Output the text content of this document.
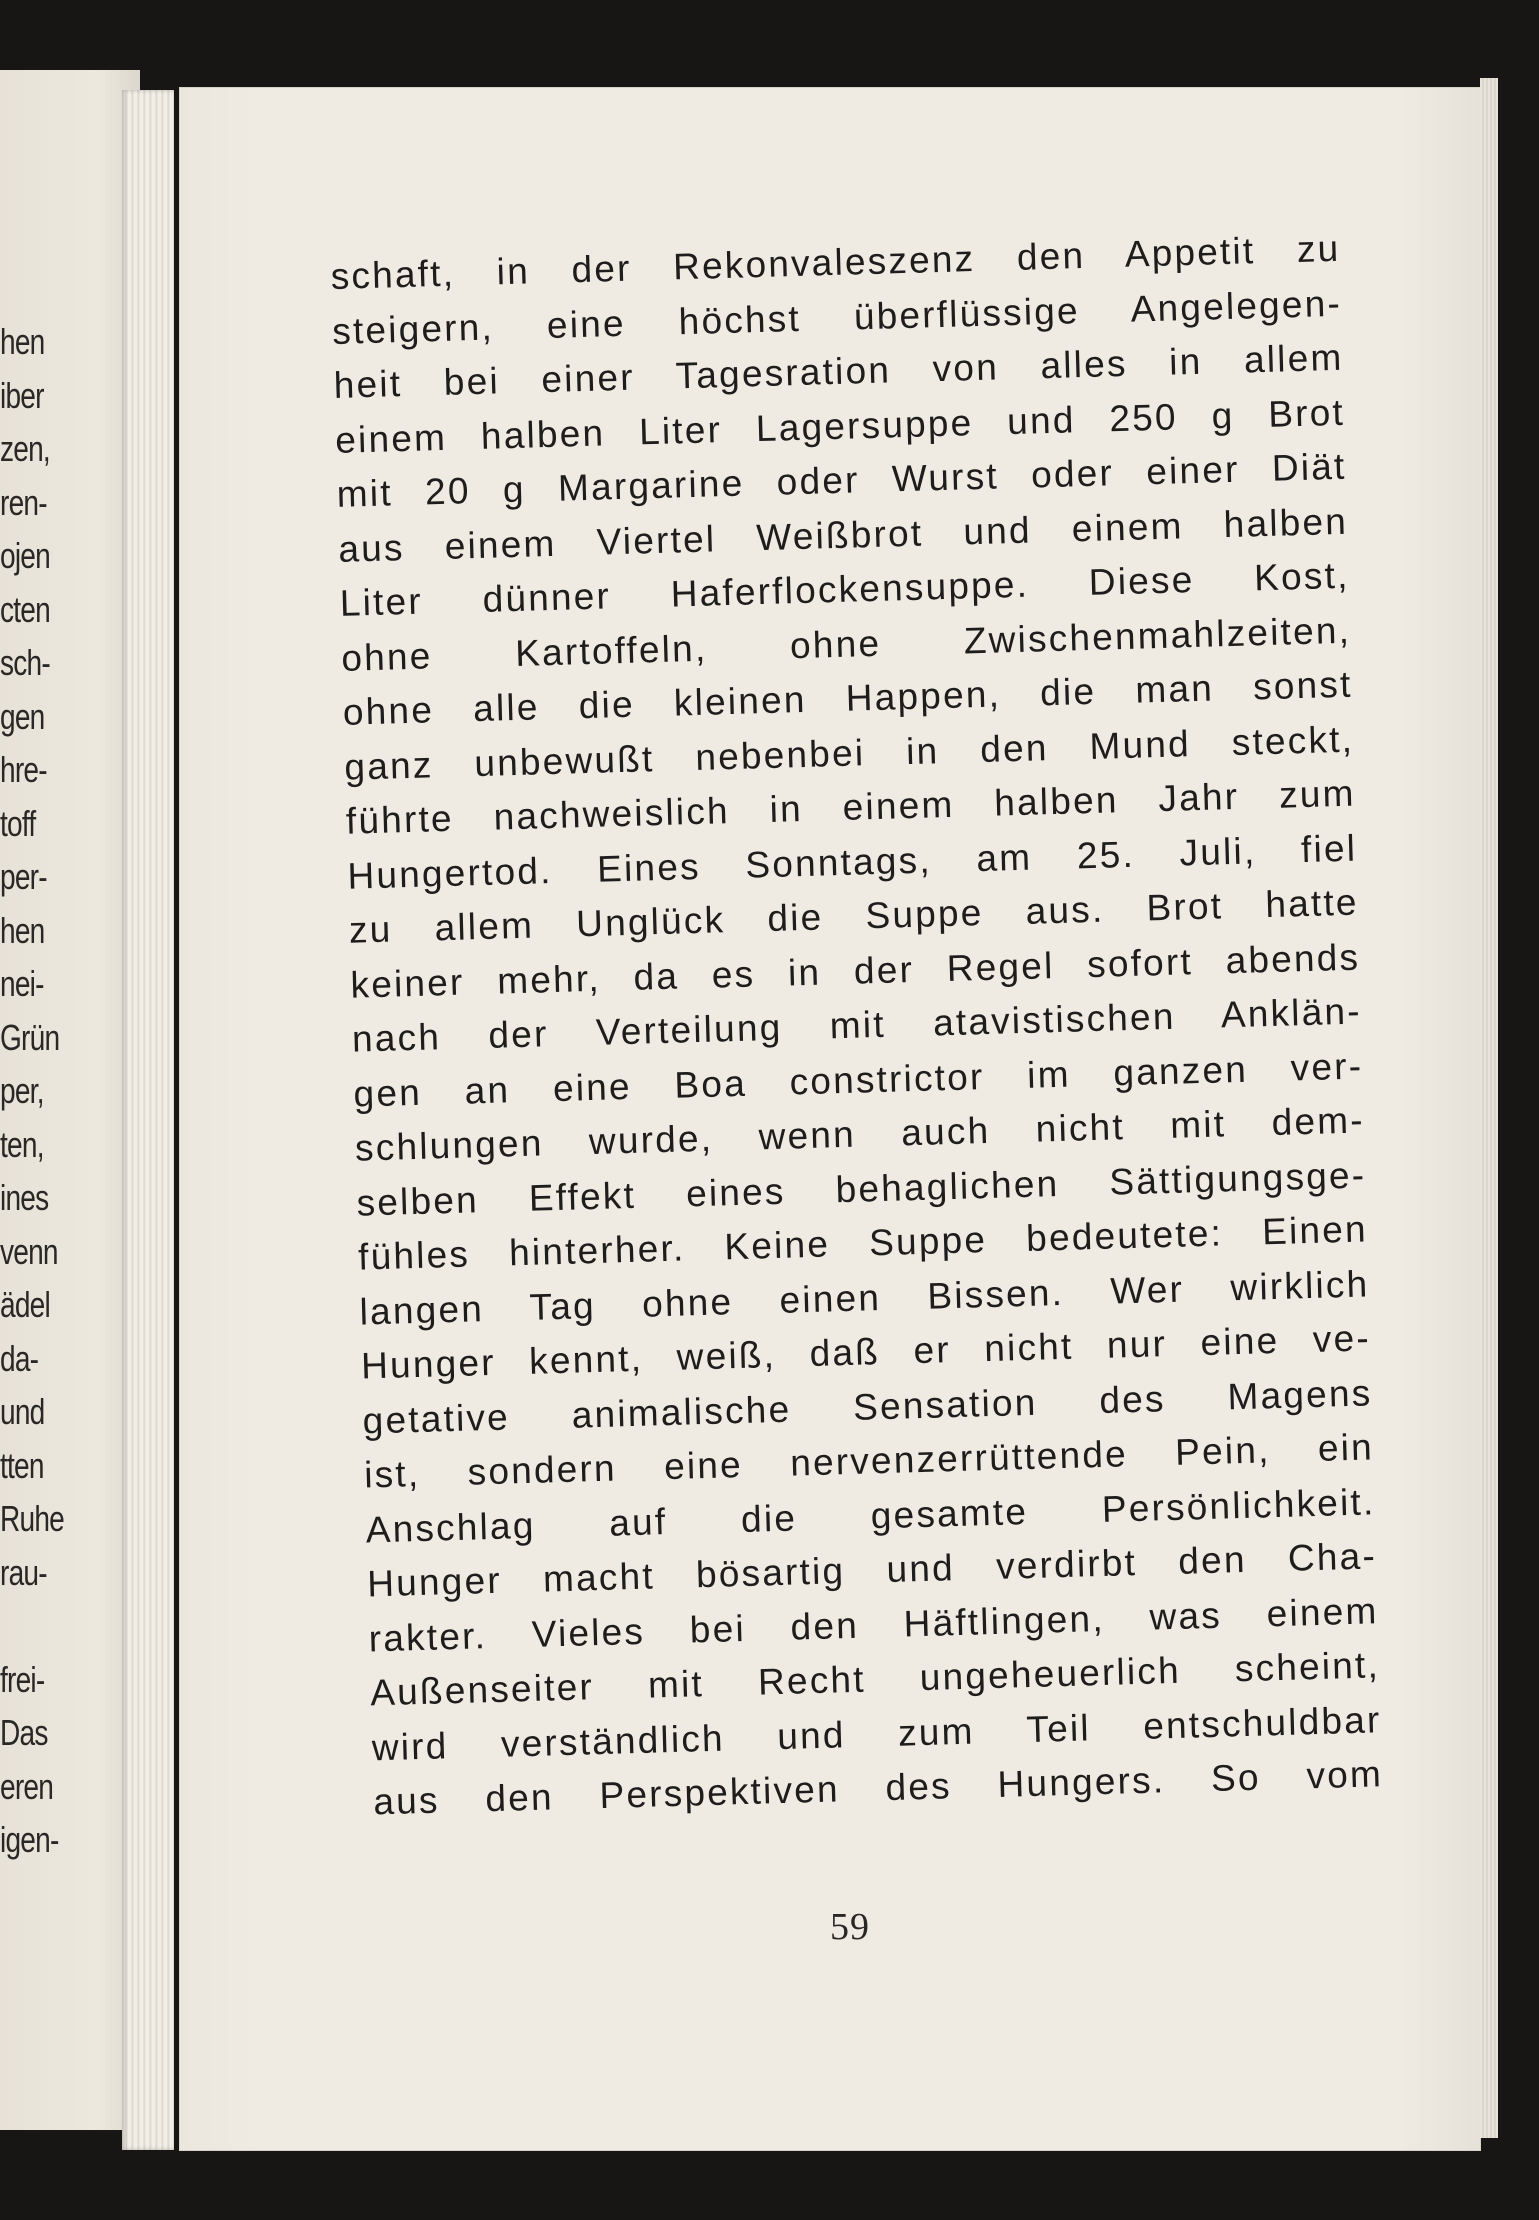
hen
iber
zen,
ren-
ojen
cten
sch-
gen
hre-
toff
per-
hen
nei-
Grün
per,
ten,
ines
venn
ädel
da-
und
tten
Ruhe
rau-
frei-
Das
eren
igen-
schaft, in der Rekonvaleszenz den Appetit zu
steigern, eine höchst überflüssige Angelegen-
heit bei einer Tagesration von alles in allem
einem halben Liter Lagersuppe und 250 g Brot
mit 20 g Margarine oder Wurst oder einer Diät
aus einem Viertel Weißbrot und einem halben
Liter dünner Haferflockensuppe. Diese Kost,
ohne Kartoffeln, ohne Zwischenmahlzeiten,
ohne alle die kleinen Happen, die man sonst
ganz unbewußt nebenbei in den Mund steckt,
führte nachweislich in einem halben Jahr zum
Hungertod. Eines Sonntags, am 25. Juli, fiel
zu allem Unglück die Suppe aus. Brot hatte
keiner mehr, da es in der Regel sofort abends
nach der Verteilung mit atavistischen Anklän-
gen an eine Boa constrictor im ganzen ver-
schlungen wurde, wenn auch nicht mit dem-
selben Effekt eines behaglichen Sättigungsge-
fühles hinterher. Keine Suppe bedeutete: Einen
langen Tag ohne einen Bissen. Wer wirklich
Hunger kennt, weiß, daß er nicht nur eine ve-
getative animalische Sensation des Magens
ist, sondern eine nervenzerrüttende Pein, ein
Anschlag auf die gesamte Persönlichkeit.
Hunger macht bösartig und verdirbt den Cha-
rakter. Vieles bei den Häftlingen, was einem
Außenseiter mit Recht ungeheuerlich scheint,
wird verständlich und zum Teil entschuldbar
aus den Perspektiven des Hungers. So vom
59
